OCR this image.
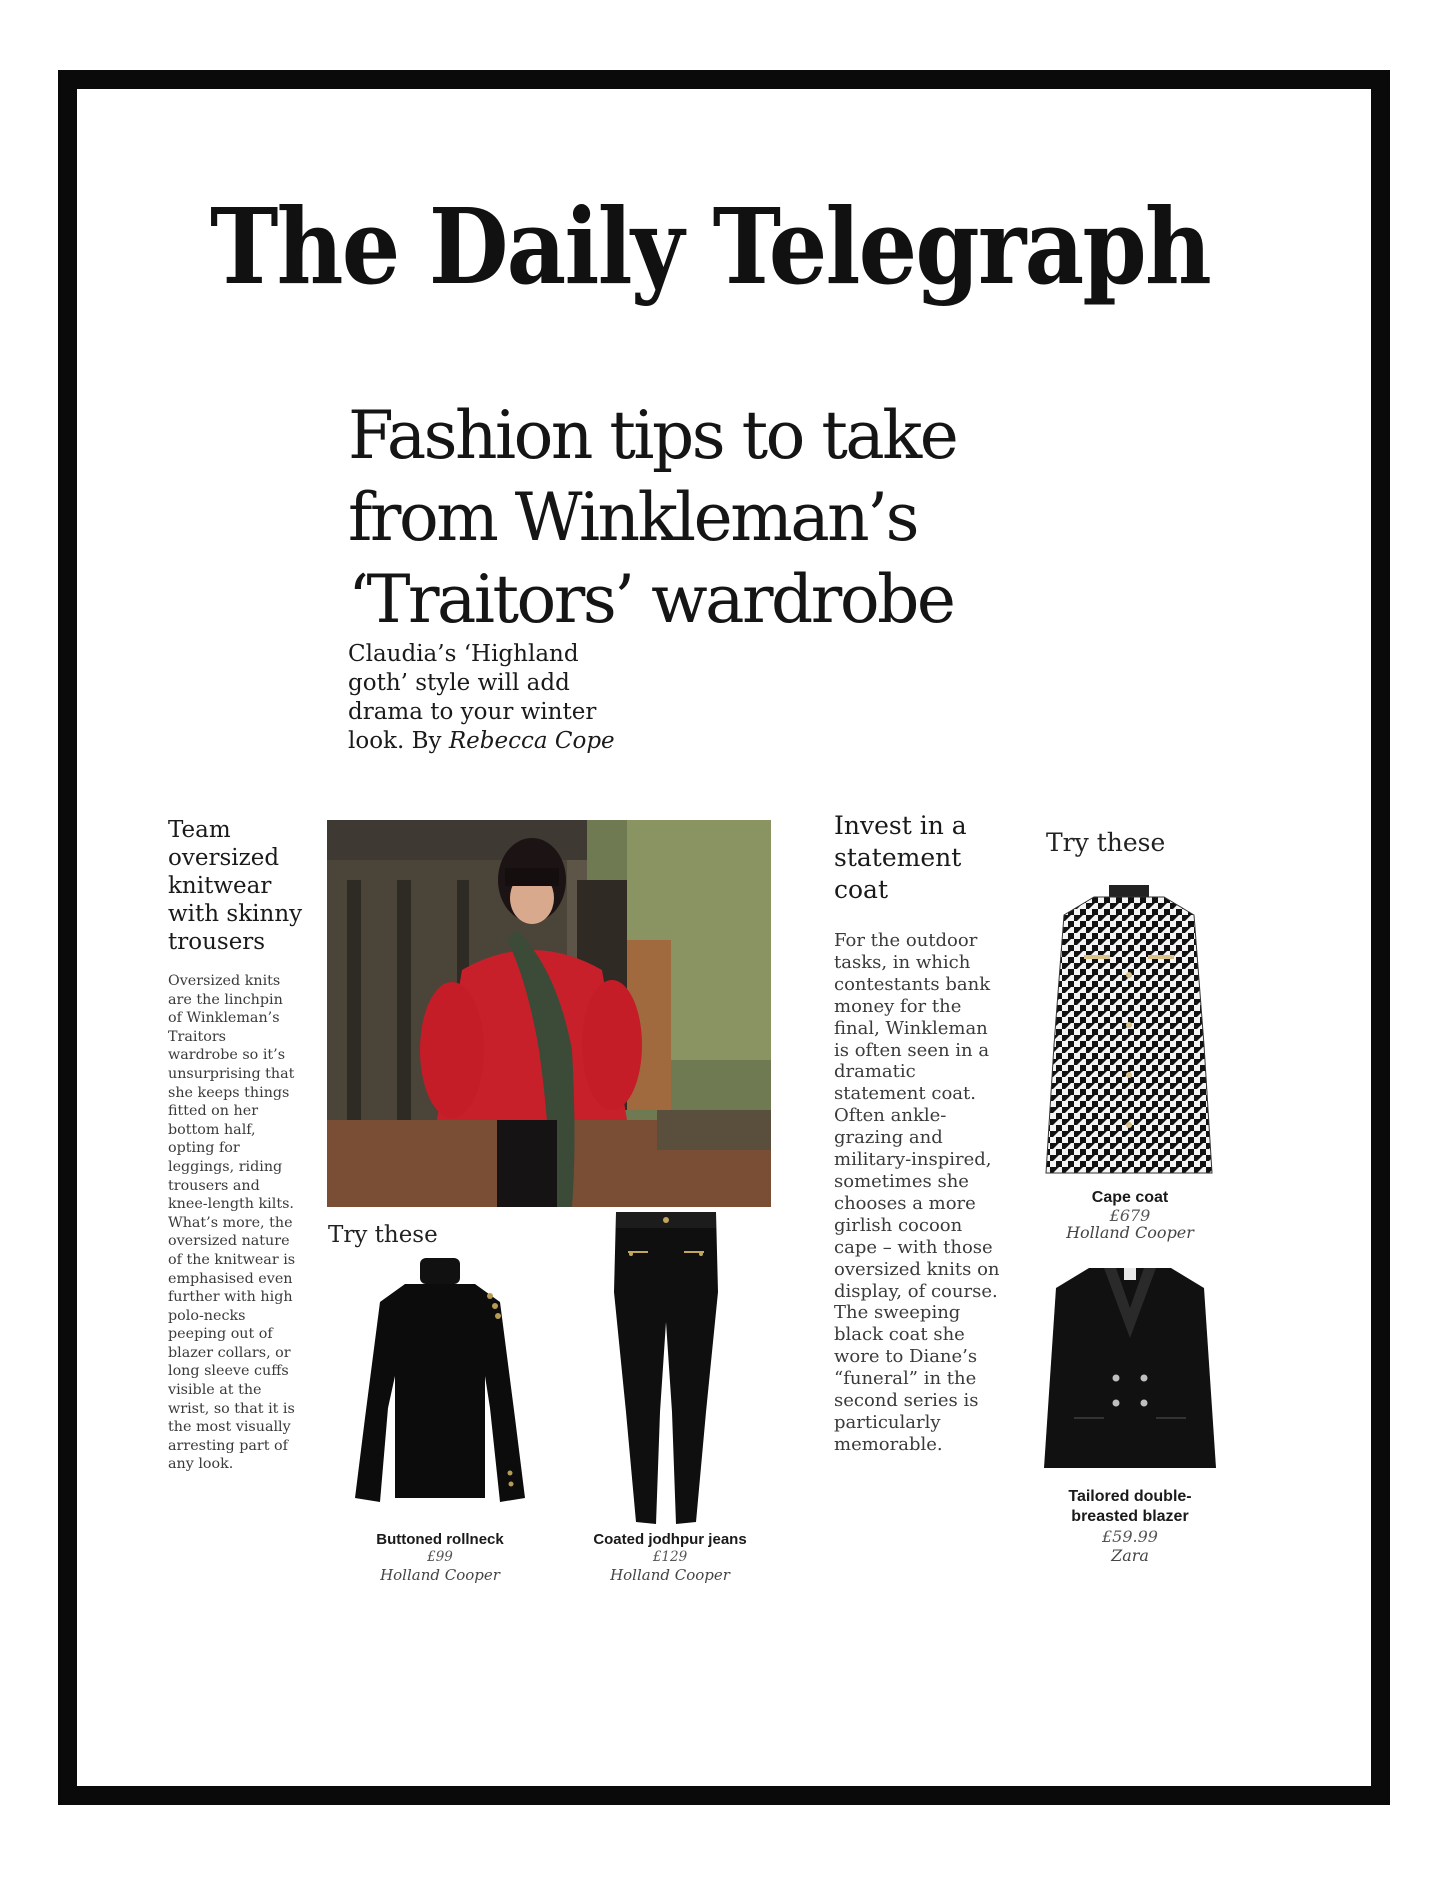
The Daily Telegraph
Fashion tips to take
from Winkleman’s
‘Traitors’ wardrobe
Claudia’s ‘Highland
goth’ style will add
drama to your winter
look. By Rebecca Cope
Team oversized knitwear with skinny trousers
Oversized knits
are the linchpin
of Winkleman’s
Traitors
wardrobe so it’s
unsurprising that
she keeps things
fitted on her
bottom half,
opting for
leggings, riding
trousers and
knee-length kilts.
What’s more, the
oversized nature
of the knitwear is
emphasised even
further with high
polo-necks
peeping out of
blazer collars, or
long sleeve cuffs
visible at the
wrist, so that it is
the most visually
arresting part of
any look.
Try these
Buttoned rollneck
£99
Holland Cooper
Coated jodhpur jeans
£129
Holland Cooper
Invest in a statement coat
For the outdoor
tasks, in which
contestants bank
money for the
final, Winkleman
is often seen in a
dramatic
statement coat.
Often ankle-
grazing and
military-inspired,
sometimes she
chooses a more
girlish cocoon
cape – with those
oversized knits on
display, of course.
The sweeping
black coat she
wore to Diane’s
“funeral” in the
second series is
particularly
memorable.
Try these
Cape coat
£679
Holland Cooper
Tailored double-breasted blazer
£59.99
Zara
